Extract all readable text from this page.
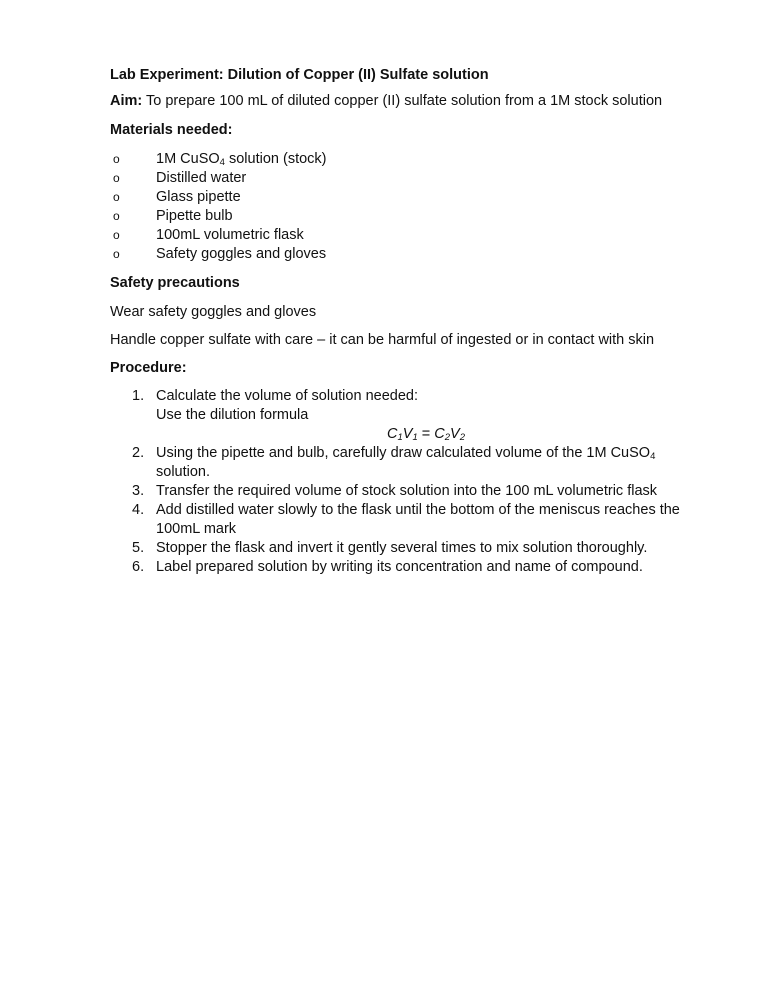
Lab Experiment: Dilution of Copper (II) Sulfate solution
Aim: To prepare 100 mL of diluted copper (II) sulfate solution from a 1M stock solution
Materials needed:
o	1M CuSO$_4$ solution (stock)
o	Distilled water
o	Glass pipette
o	Pipette bulb
o	100mL volumetric flask
o	Safety goggles and gloves
Safety precautions
Wear safety goggles and gloves
Handle copper sulfate with care – it can be harmful of ingested or in contact with skin
Procedure:
1. Calculate the volume of solution needed:
Use the dilution formula
$C_1V_1 = C_2V_2$
2. Using the pipette and bulb, carefully draw calculated volume of the 1M CuSO$_4$ solution.
3. Transfer the required volume of stock solution into the 100 mL volumetric flask
4. Add distilled water slowly to the flask until the bottom of the meniscus reaches the 100mL mark
5. Stopper the flask and invert it gently several times to mix solution thoroughly.
6. Label prepared solution by writing its concentration and name of compound.
